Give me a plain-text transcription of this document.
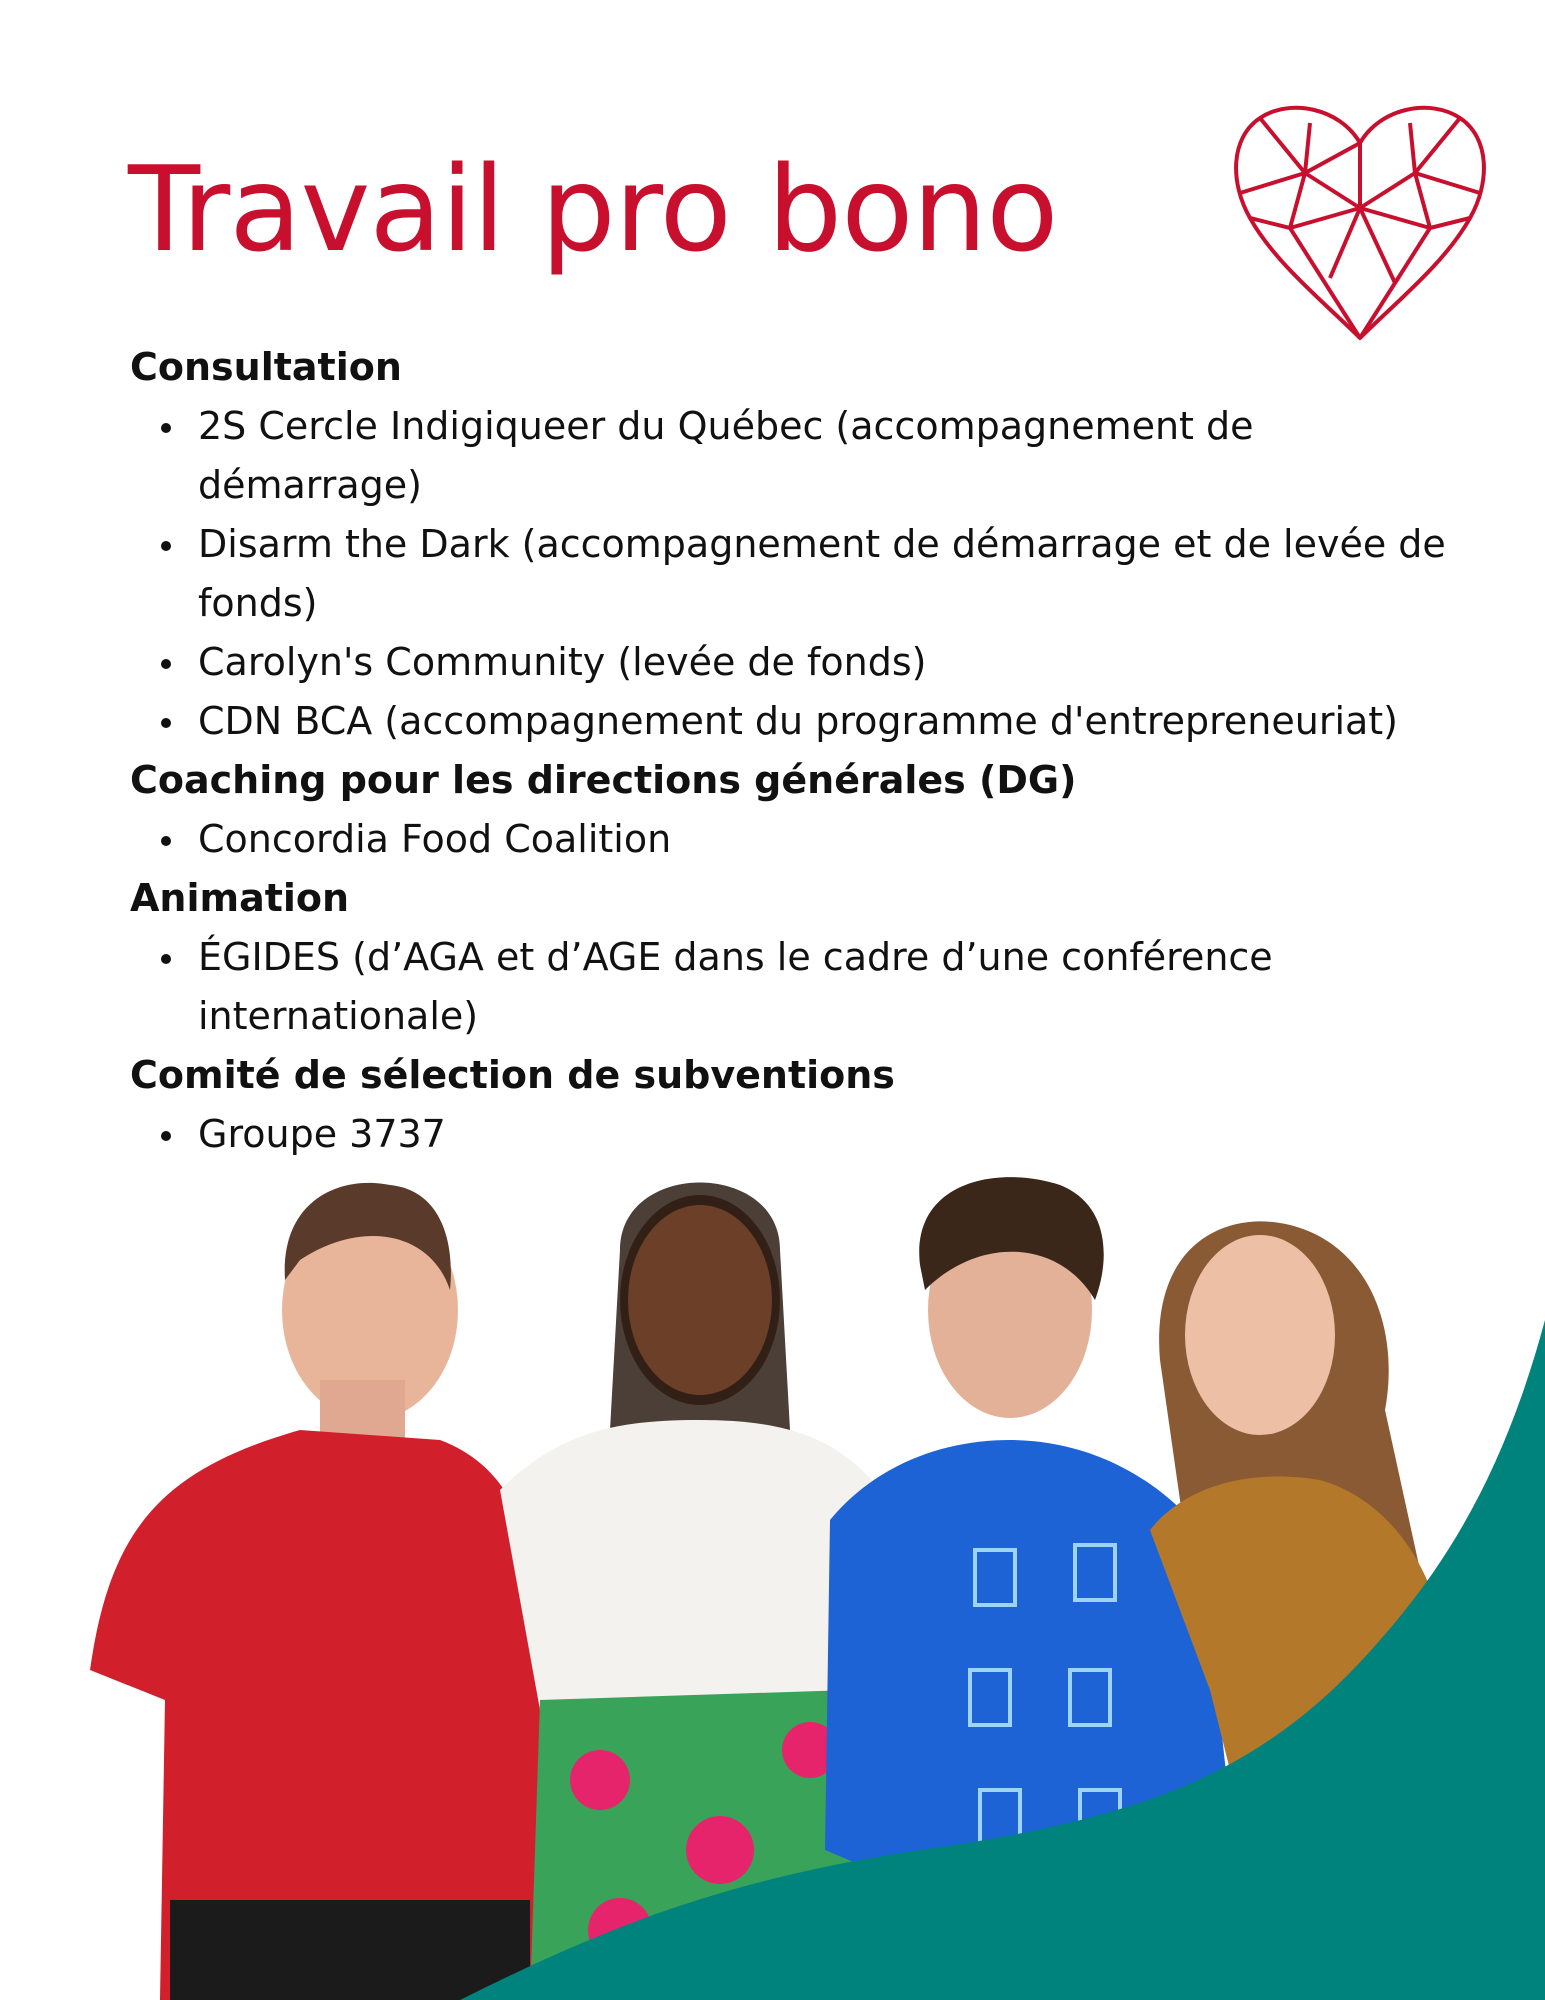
Travail pro bono

Consultation

2S Cercle Indigiqueer du Québec (accompagnement de démarrage)
Disarm the Dark (accompagnement de démarrage et de levée de fonds)
Carolyn's Community (levée de fonds)
CDN BCA (accompagnement du programme d'entrepreneuriat)

Coaching pour les directions générales (DG)

Concordia Food Coalition

Animation

ÉGIDES (d’AGA et d’AGE dans le cadre d’une conférence internationale)

Comité de sélection de subventions

Groupe 3737
